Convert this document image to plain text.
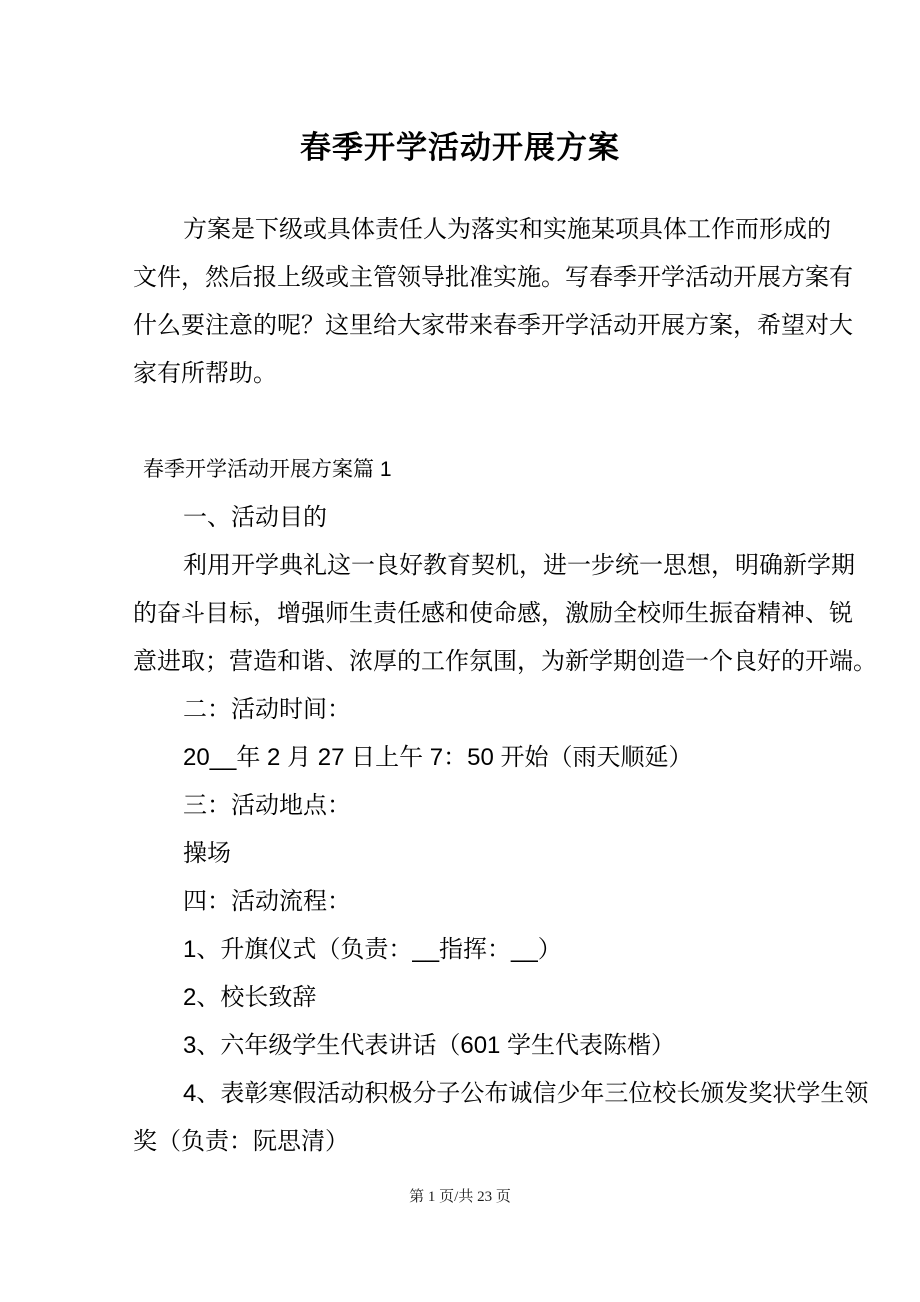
春季开学活动开展方案
方案是下级或具体责任人为落实和实施某项具体工作而形成的
文件，然后报上级或主管领导批准实施。写春季开学活动开展方案有
什么要注意的呢？这里给大家带来春季开学活动开展方案，希望对大
家有所帮助。
春季开学活动开展方案篇 1
一、活动目的
利用开学典礼这一良好教育契机，进一步统一思想，明确新学期
的奋斗目标，增强师生责任感和使命感，激励全校师生振奋精神、锐
意进取；营造和谐、浓厚的工作氛围，为新学期创造一个良好的开端。
二：活动时间：
20__年 2 月 27 日上午 7：50 开始（雨天顺延）
三：活动地点：
操场
四：活动流程：
1、升旗仪式（负责：__指挥：__）
2、校长致辞
3、六年级学生代表讲话（601 学生代表陈楷）
4、表彰寒假活动积极分子公布诚信少年三位校长颁发奖状学生领
奖（负责：阮思清）
第 1 页/共 23 页
